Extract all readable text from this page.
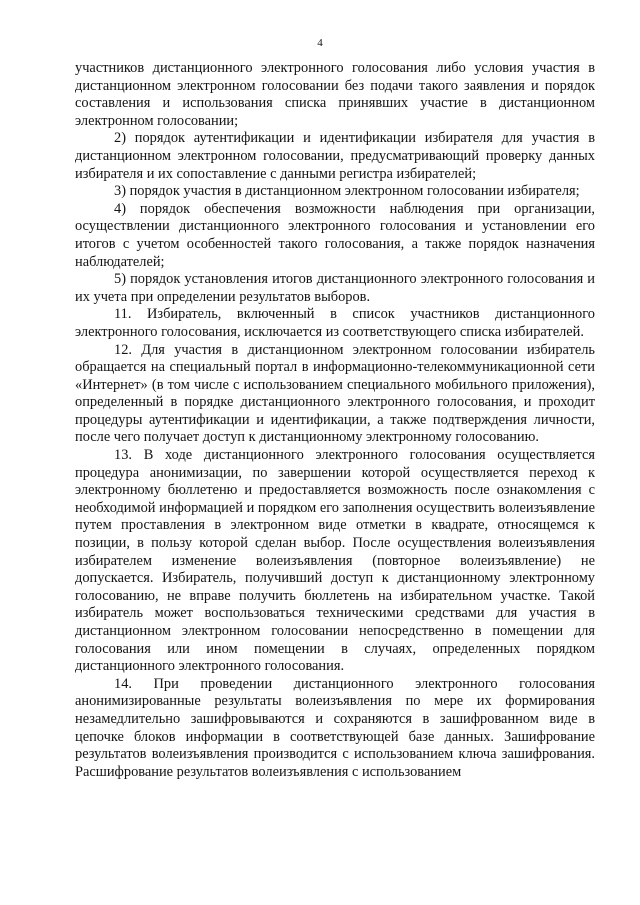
4

участников дистанционного электронного голосования либо условия участия в дистанционном электронном голосовании без подачи такого заявления и порядок составления и использования списка принявших участие в дистанционном электронном голосовании;

2) порядок аутентификации и идентификации избирателя для участия в дистанционном электронном голосовании, предусматривающий проверку данных избирателя и их сопоставление с данными регистра избирателей;

3) порядок участия в дистанционном электронном голосовании избирателя;

4) порядок обеспечения возможности наблюдения при организации, осуществлении дистанционного электронного голосования и установлении его итогов с учетом особенностей такого голосования, а также порядок назначения наблюдателей;

5) порядок установления итогов дистанционного электронного голосования и их учета при определении результатов выборов.

11. Избиратель, включенный в список участников дистанционного электронного голосования, исключается из соответствующего списка избирателей.

12. Для участия в дистанционном электронном голосовании избиратель обращается на специальный портал в информационно-телекоммуникационной сети «Интернет» (в том числе с использованием специального мобильного приложения), определенный в порядке дистанционного электронного голосования, и проходит процедуры аутентификации и идентификации, а также подтверждения личности, после чего получает доступ к дистанционному электронному голосованию.

13. В ходе дистанционного электронного голосования осуществляется процедура анонимизации, по завершении которой осуществляется переход к электронному бюллетеню и предоставляется возможность после ознакомления с необходимой информацией и порядком его заполнения осуществить волеизъявление путем проставления в электронном виде отметки в квадрате, относящемся к позиции, в пользу которой сделан выбор. После осуществления волеизъявления избирателем изменение волеизъявления (повторное волеизъявление) не допускается. Избиратель, получивший доступ к дистанционному электронному голосованию, не вправе получить бюллетень на избирательном участке. Такой избиратель может воспользоваться техническими средствами для участия в дистанционном электронном голосовании непосредственно в помещении для голосования или ином помещении в случаях, определенных порядком дистанционного электронного голосования.

14. При проведении дистанционного электронного голосования анонимизированные результаты волеизъявления по мере их формирования незамедлительно зашифровываются и сохраняются в зашифрованном виде в цепочке блоков информации в соответствующей базе данных. Зашифрование результатов волеизъявления производится с использованием ключа зашифрования. Расшифрование результатов волеизъявления с использованием
